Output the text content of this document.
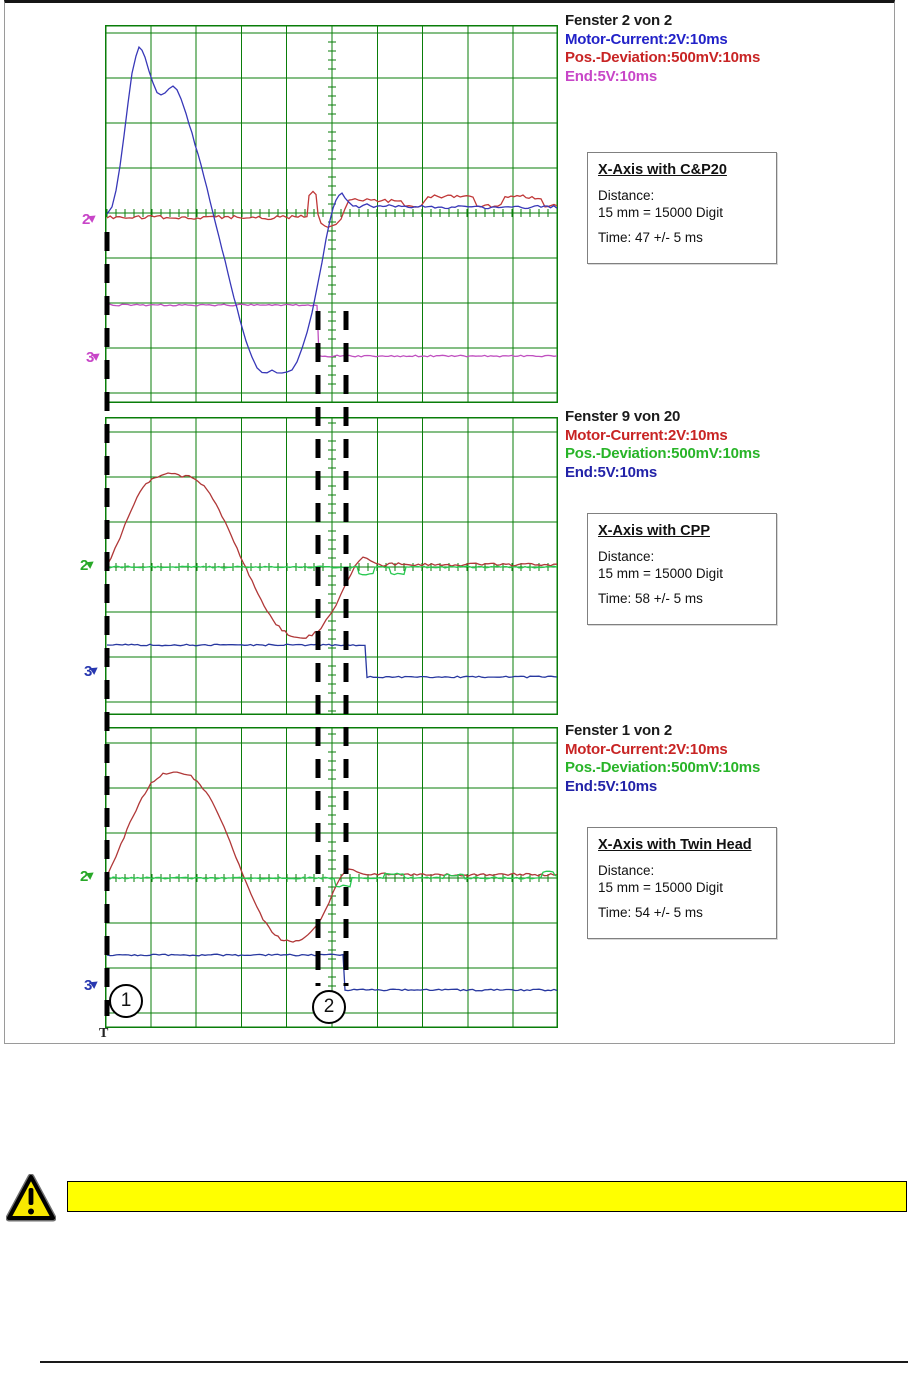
Fenster 2 von 2
Motor-Current:2V:10ms
Pos.-Deviation:500mV:10ms
End:5V:10ms
Fenster 9 von 20
Motor-Current:2V:10ms
Pos.-Deviation:500mV:10ms
End:5V:10ms
Fenster 1 von 2
Motor-Current:2V:10ms
Pos.-Deviation:500mV:10ms
End:5V:10ms
X-Axis with C&P20
Distance:
15 mm = 15000 Digit
Time: 47 +/- 5 ms
X-Axis with CPP
Distance:
15 mm = 15000 Digit
Time: 58 +/- 5 ms
X-Axis with Twin Head
Distance:
15 mm = 15000 Digit
Time: 54 +/- 5 ms
2
3
2
3
2
3
1	2
T
